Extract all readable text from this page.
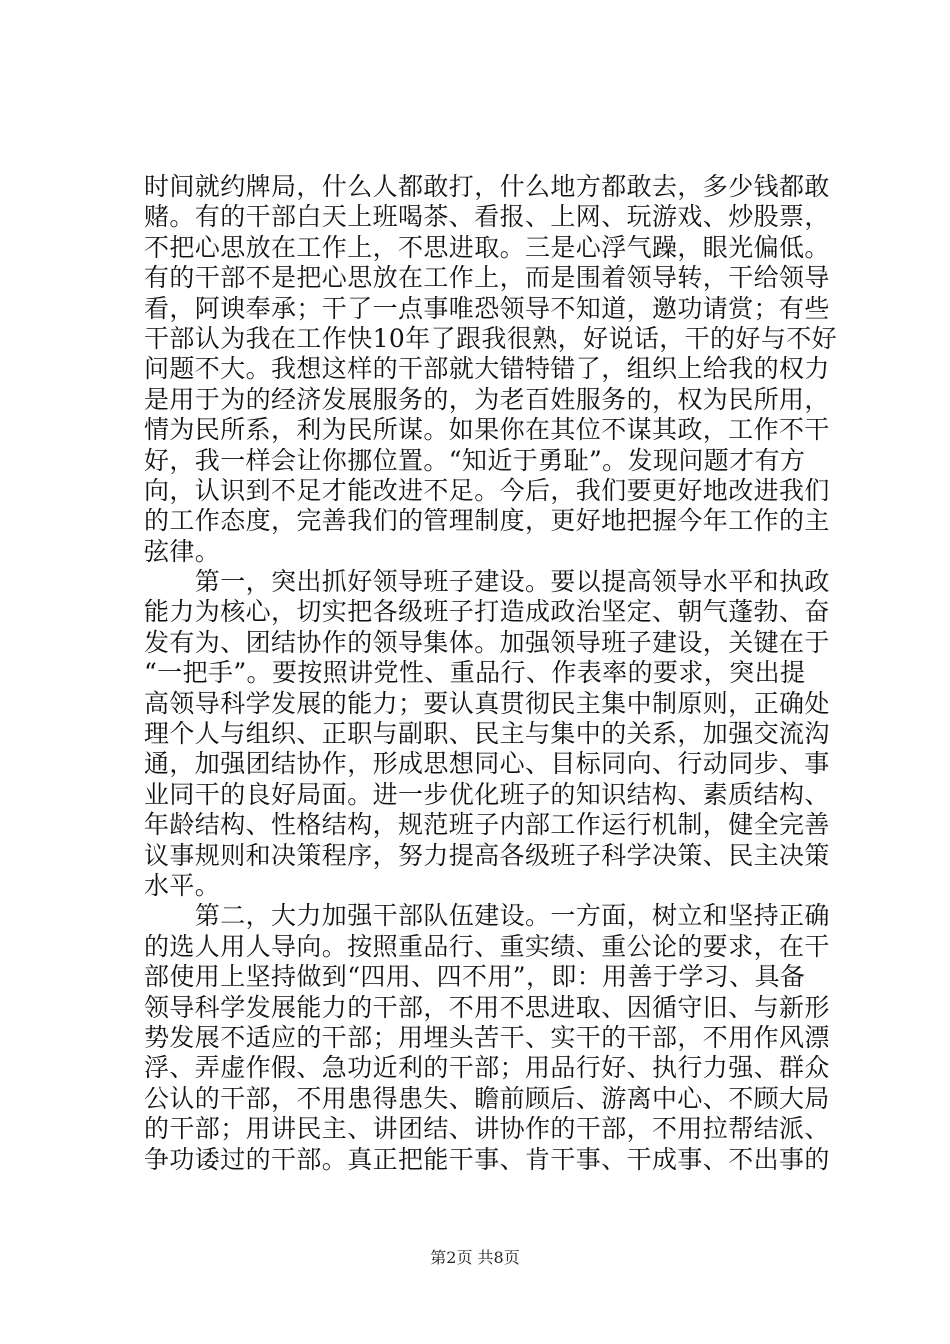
时间就约牌局，什么人都敢打，什么地方都敢去，多少钱都敢
赌。有的干部白天上班喝茶、看报、上网、玩游戏、炒股票，
不把心思放在工作上，不思进取。三是心浮气躁，眼光偏低。
有的干部不是把心思放在工作上，而是围着领导转，干给领导
看，阿谀奉承；干了一点事唯恐领导不知道，邀功请赏；有些
干部认为我在工作快10年了跟我很熟，好说话，干的好与不好
问题不大。我想这样的干部就大错特错了，组织上给我的权力
是用于为的经济发展服务的，为老百姓服务的，权为民所用，
情为民所系，利为民所谋。如果你在其位不谋其政，工作不干
好，我一样会让你挪位置。“知近于勇耻”。发现问题才有方
向，认识到不足才能改进不足。今后，我们要更好地改进我们
的工作态度，完善我们的管理制度，更好地把握今年工作的主
弦律。
　　第一，突出抓好领导班子建设。要以提高领导水平和执政
能力为核心，切实把各级班子打造成政治坚定、朝气蓬勃、奋
发有为、团结协作的领导集体。加强领导班子建设，关键在于
“一把手”。要按照讲党性、重品行、作表率的要求，突出提
高领导科学发展的能力；要认真贯彻民主集中制原则，正确处
理个人与组织、正职与副职、民主与集中的关系，加强交流沟
通，加强团结协作，形成思想同心、目标同向、行动同步、事
业同干的良好局面。进一步优化班子的知识结构、素质结构、
年龄结构、性格结构，规范班子内部工作运行机制，健全完善
议事规则和决策程序，努力提高各级班子科学决策、民主决策
水平。
　　第二，大力加强干部队伍建设。一方面，树立和坚持正确
的选人用人导向。按照重品行、重实绩、重公论的要求，在干
部使用上坚持做到“四用、四不用”，即：用善于学习、具备
领导科学发展能力的干部，不用不思进取、因循守旧、与新形
势发展不适应的干部；用埋头苦干、实干的干部，不用作风漂
浮、弄虚作假、急功近利的干部；用品行好、执行力强、群众
公认的干部，不用患得患失、瞻前顾后、游离中心、不顾大局
的干部；用讲民主、讲团结、讲协作的干部，不用拉帮结派、
争功诿过的干部。真正把能干事、肯干事、干成事、不出事的
第2页 共8页
